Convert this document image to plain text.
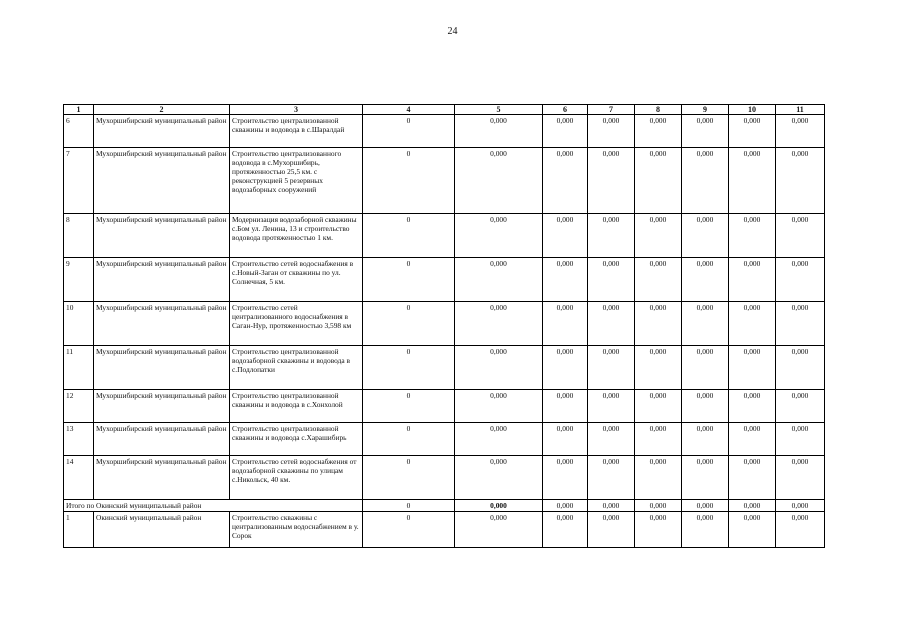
24
1	2	3	4	5	6	7	8	9	10	11
6	Мухоршибирский муниципальный район	Строительство централизованной скважины и водовода в с.Шаралдай	0	0,000	0,000	0,000	0,000	0,000	0,000	0,000
7	Мухоршибирский муниципальный район	Строительство централизованного водовода в с.Мухоршибирь, протяженностью 25,5 км. с реконструкцией 5 резервных водозаборных сооружений	0	0,000	0,000	0,000	0,000	0,000	0,000	0,000
8	Мухоршибирский муниципальный район	Модернизация водозаборной скважины с.Бом ул. Ленина, 13 и строительство водовода протяженностью 1 км.	0	0,000	0,000	0,000	0,000	0,000	0,000	0,000
9	Мухоршибирский муниципальный район	Строительство сетей водоснабжения в с.Новый-Заган от скважины по ул. Солнечная, 5 км.	0	0,000	0,000	0,000	0,000	0,000	0,000	0,000
10	Мухоршибирский муниципальный район	Строительство сетей централизованного водоснабжения в Саган-Нур, протяженностью 3,598 км	0	0,000	0,000	0,000	0,000	0,000	0,000	0,000
11	Мухоршибирский муниципальный район	Строительство централизованной водозаборной скважины и водовода в с.Подлопатки	0	0,000	0,000	0,000	0,000	0,000	0,000	0,000
12	Мухоршибирский муниципальный район	Строительство централизованной скважины и водовода в с.Хонхолой	0	0,000	0,000	0,000	0,000	0,000	0,000	0,000
13	Мухоршибирский муниципальный район	Строительство централизованной скважины и водовода с.Харашибирь	0	0,000	0,000	0,000	0,000	0,000	0,000	0,000
14	Мухоршибирский муниципальный район	Строительство сетей водоснабжения от водозаборной скважины по улицам с.Никольск, 40 км.	0	0,000	0,000	0,000	0,000	0,000	0,000	0,000
Итого по Окинский муниципальный район			0	0,000	0,000	0,000	0,000	0,000	0,000	0,000
1	Окинский муниципальный район	Строительство скважины с централизованным водоснабжением в у. Сорок	0	0,000	0,000	0,000	0,000	0,000	0,000	0,000
